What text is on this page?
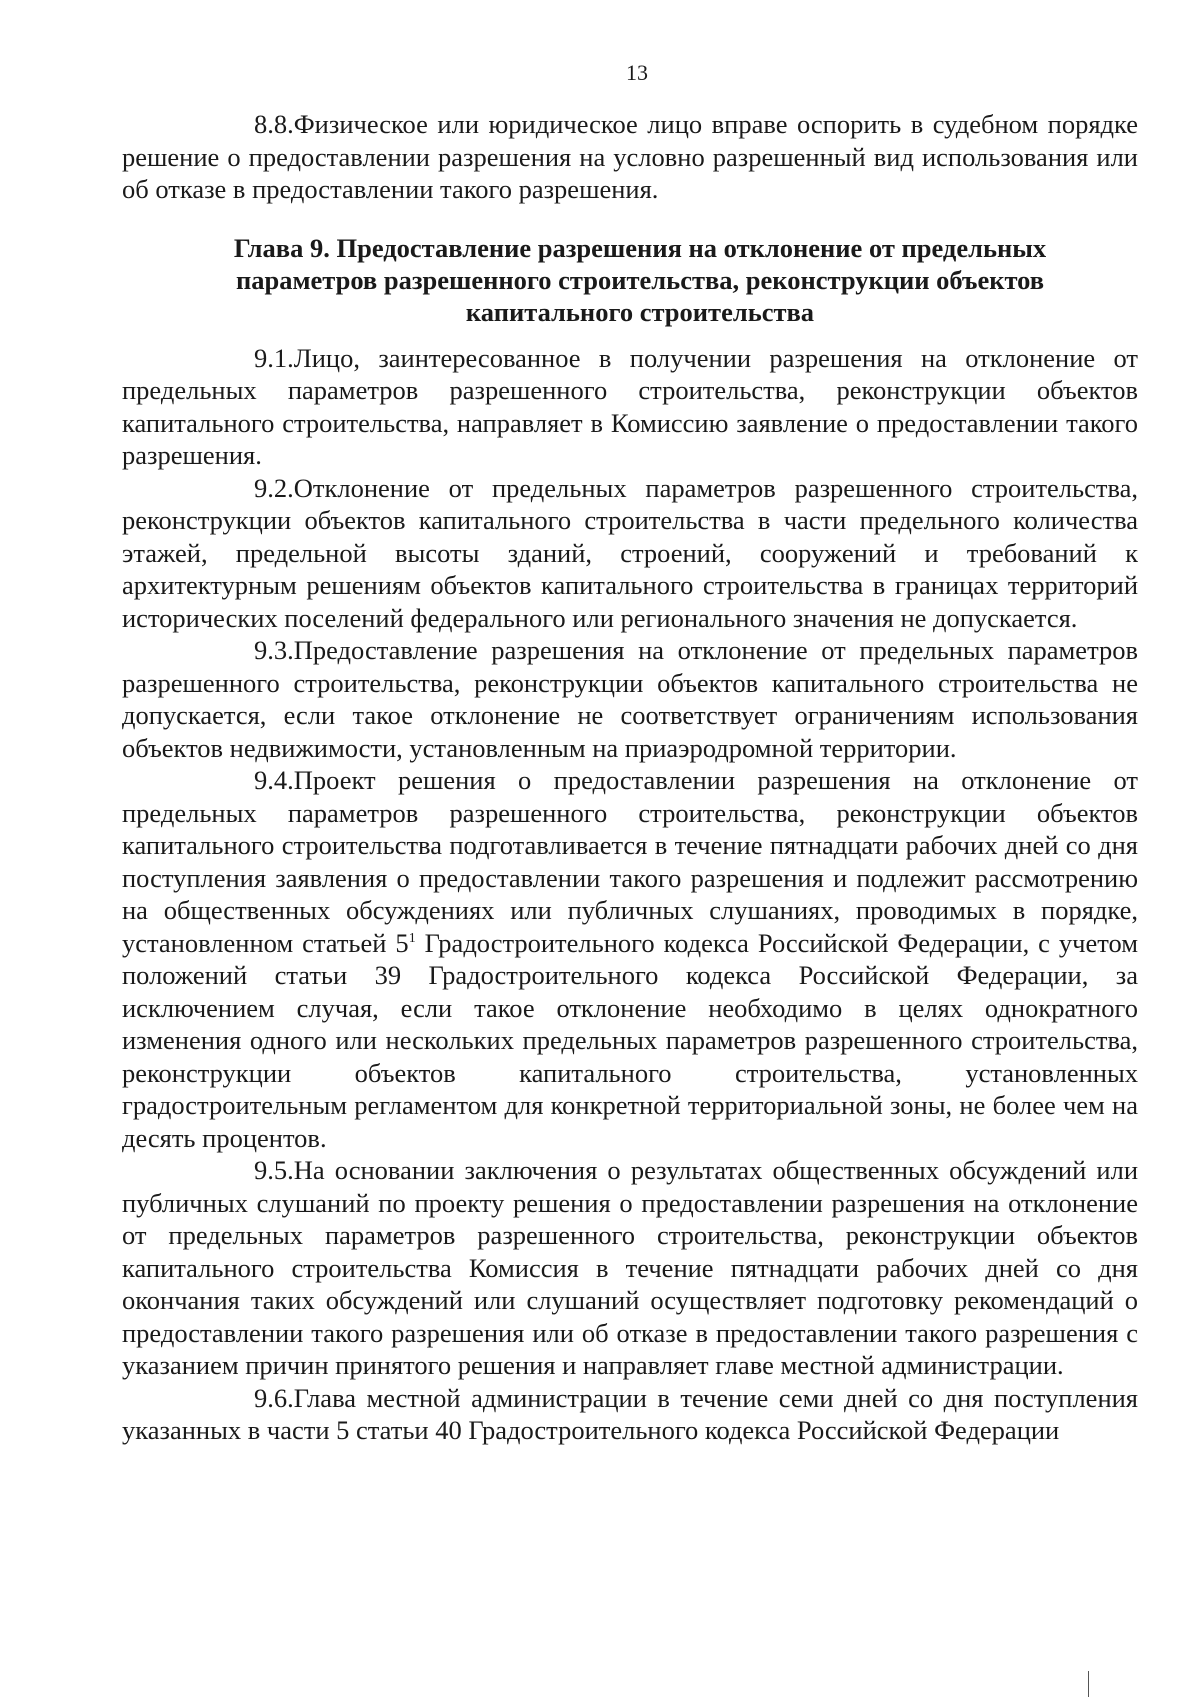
13

8.8.Физическое или юридическое лицо вправе оспорить в судебном порядке решение о предоставлении разрешения на условно разрешенный вид использования или об отказе в предоставлении такого разрешения.

Глава 9. Предоставление разрешения на отклонение от предельных параметров разрешенного строительства, реконструкции объектов капитального строительства

9.1.Лицо, заинтересованное в получении разрешения на отклонение от предельных параметров разрешенного строительства, реконструкции объектов капитального строительства, направляет в Комиссию заявление о предоставлении такого разрешения.

9.2.Отклонение от предельных параметров разрешенного строительства, реконструкции объектов капитального строительства в части предельного количества этажей, предельной высоты зданий, строений, сооружений и требований к архитектурным решениям объектов капитального строительства в границах территорий исторических поселений федерального или регионального значения не допускается.

9.3.Предоставление разрешения на отклонение от предельных параметров разрешенного строительства, реконструкции объектов капитального строительства не допускается, если такое отклонение не соответствует ограничениям использования объектов недвижимости, установленным на приаэродромной территории.

9.4.Проект решения о предоставлении разрешения на отклонение от предельных параметров разрешенного строительства, реконструкции объектов капитального строительства подготавливается в течение пятнадцати рабочих дней со дня поступления заявления о предоставлении такого разрешения и подлежит рассмотрению на общественных обсуждениях или публичных слушаниях, проводимых в порядке, установленном статьей $5^1$ Градостроительного кодекса Российской Федерации, с учетом положений статьи 39 Градостроительного кодекса Российской Федерации, за исключением случая, если такое отклонение необходимо в целях однократного изменения одного или нескольких предельных параметров разрешенного строительства, реконструкции объектов капитального строительства, установленных градостроительным регламентом для конкретной территориальной зоны, не более чем на десять процентов.

9.5.На основании заключения о результатах общественных обсуждений или публичных слушаний по проекту решения о предоставлении разрешения на отклонение от предельных параметров разрешенного строительства, реконструкции объектов капитального строительства Комиссия в течение пятнадцати рабочих дней со дня окончания таких обсуждений или слушаний осуществляет подготовку рекомендаций о предоставлении такого разрешения или об отказе в предоставлении такого разрешения с указанием причин принятого решения и направляет главе местной администрации.

9.6.Глава местной администрации в течение семи дней со дня поступления указанных в части 5 статьи 40 Градостроительного кодекса Российской Федерации
